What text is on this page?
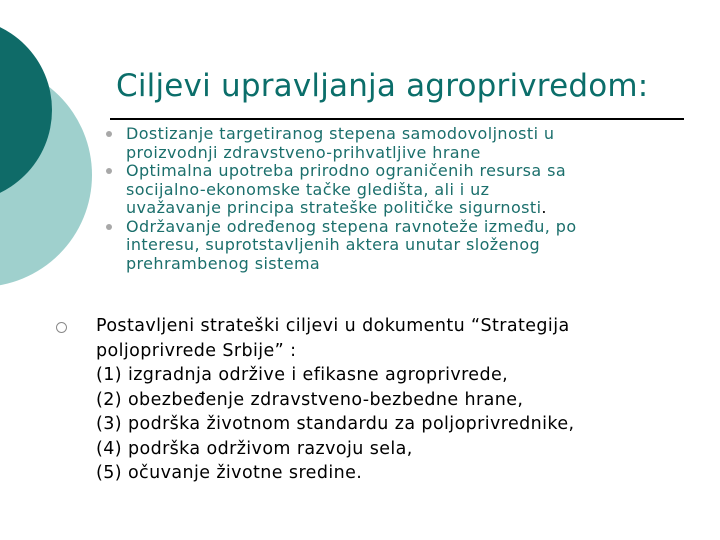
Ciljevi upravljanja agroprivredom:
Dostizanje targetiranog stepena samodovoljnosti u
proizvodnji zdravstveno-prihvatljive hrane
Optimalna upotreba prirodno ograničenih resursa sa
socijalno-ekonomske tačke gledišta, ali i uz
uvažavanje principa strateške političke sigurnosti.
Održavanje određenog stepena ravnoteže između, po
interesu, suprotstavljenih aktera unutar složenog
prehrambenog sistema
Postavljeni strateški ciljevi u dokumentu “Strategija
poljoprivrede Srbije” :
(1) izgradnja održive i efikasne agroprivrede,
(2) obezbeđenje zdravstveno-bezbedne hrane,
(3) podrška životnom standardu za poljoprivrednike,
(4) podrška održivom razvoju sela,
(5) očuvanje životne sredine.
